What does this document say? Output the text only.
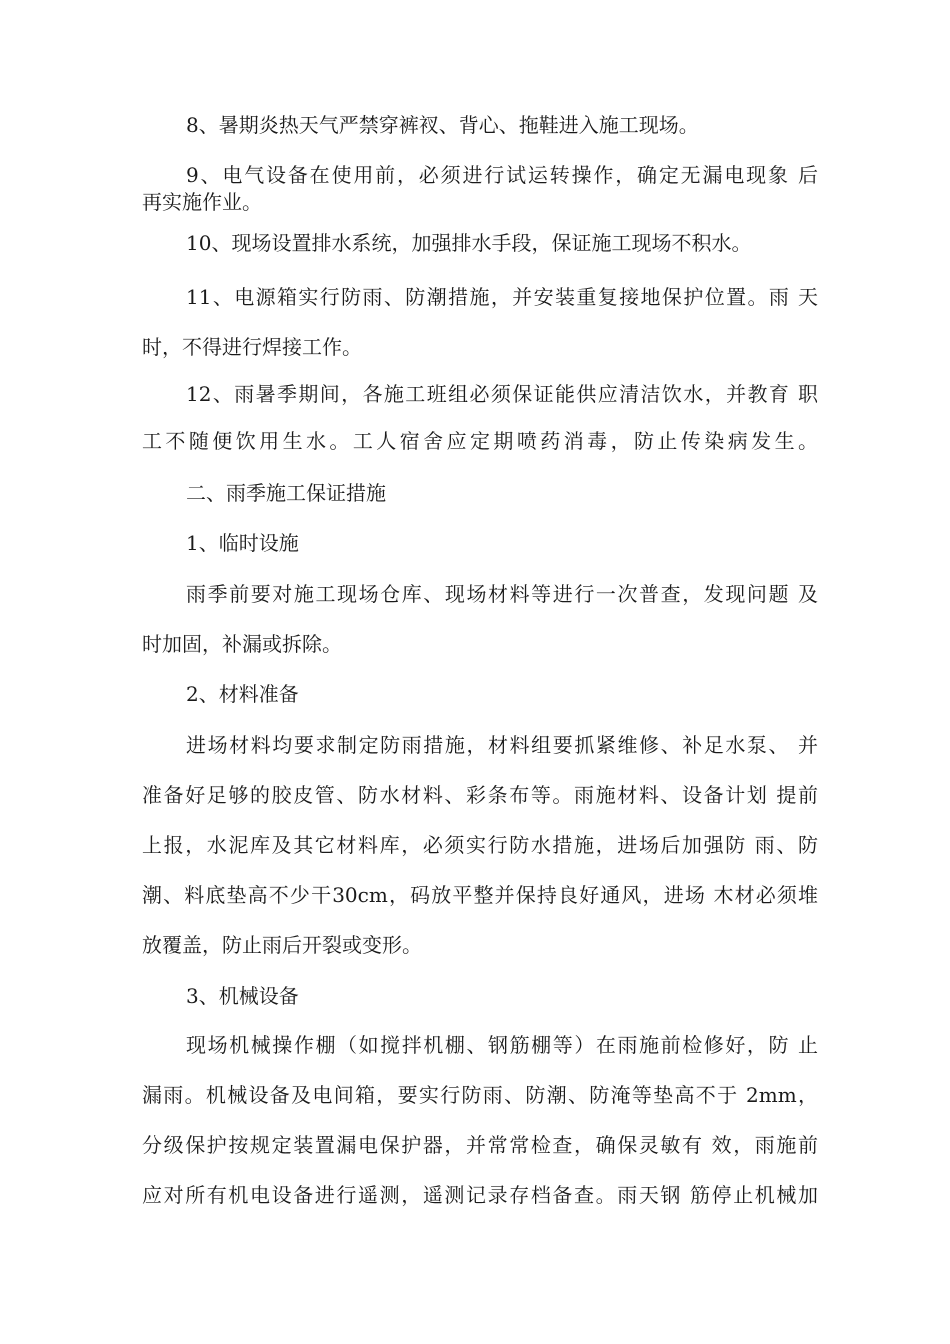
8、暑期炎热天气严禁穿裤衩、背心、拖鞋进入施工现场。

9、电气设备在使用前，必须进行试运转操作，确定无漏电现象 后

再实施作业。

10、现场设置排水系统，加强排水手段，保证施工现场不积水。

11、电源箱实行防雨、防潮措施，并安装重复接地保护位置。雨 天

时，不得进行焊接工作。

12、雨暑季期间，各施工班组必须保证能供应清洁饮水，并教育 职

工不随便饮用生水。工人宿舍应定期喷药消毒，防止传染病发生。

二、雨季施工保证措施

1、临时设施

雨季前要对施工现场仓库、现场材料等进行一次普查，发现问题 及

时加固，补漏或拆除。

2、材料准备

进场材料均要求制定防雨措施，材料组要抓紧维修、补足水泵、 并

准备好足够的胶皮管、防水材料、彩条布等。雨施材料、设备计划 提前

上报，水泥库及其它材料库，必须实行防水措施，进场后加强防 雨、防

潮、料底垫高不少干30cm，码放平整并保持良好通风，进场 木材必须堆

放覆盖，防止雨后开裂或变形。

3、机械设备

现场机械操作棚（如搅拌机棚、钢筋棚等）在雨施前检修好，防 止

漏雨。机械设备及电间箱，要实行防雨、防潮、防淹等垫高不于 2mm，

分级保护按规定装置漏电保护器，并常常检查，确保灵敏有 效，雨施前

应对所有机电设备进行遥测，遥测记录存档备查。雨天钢 筋停止机械加
